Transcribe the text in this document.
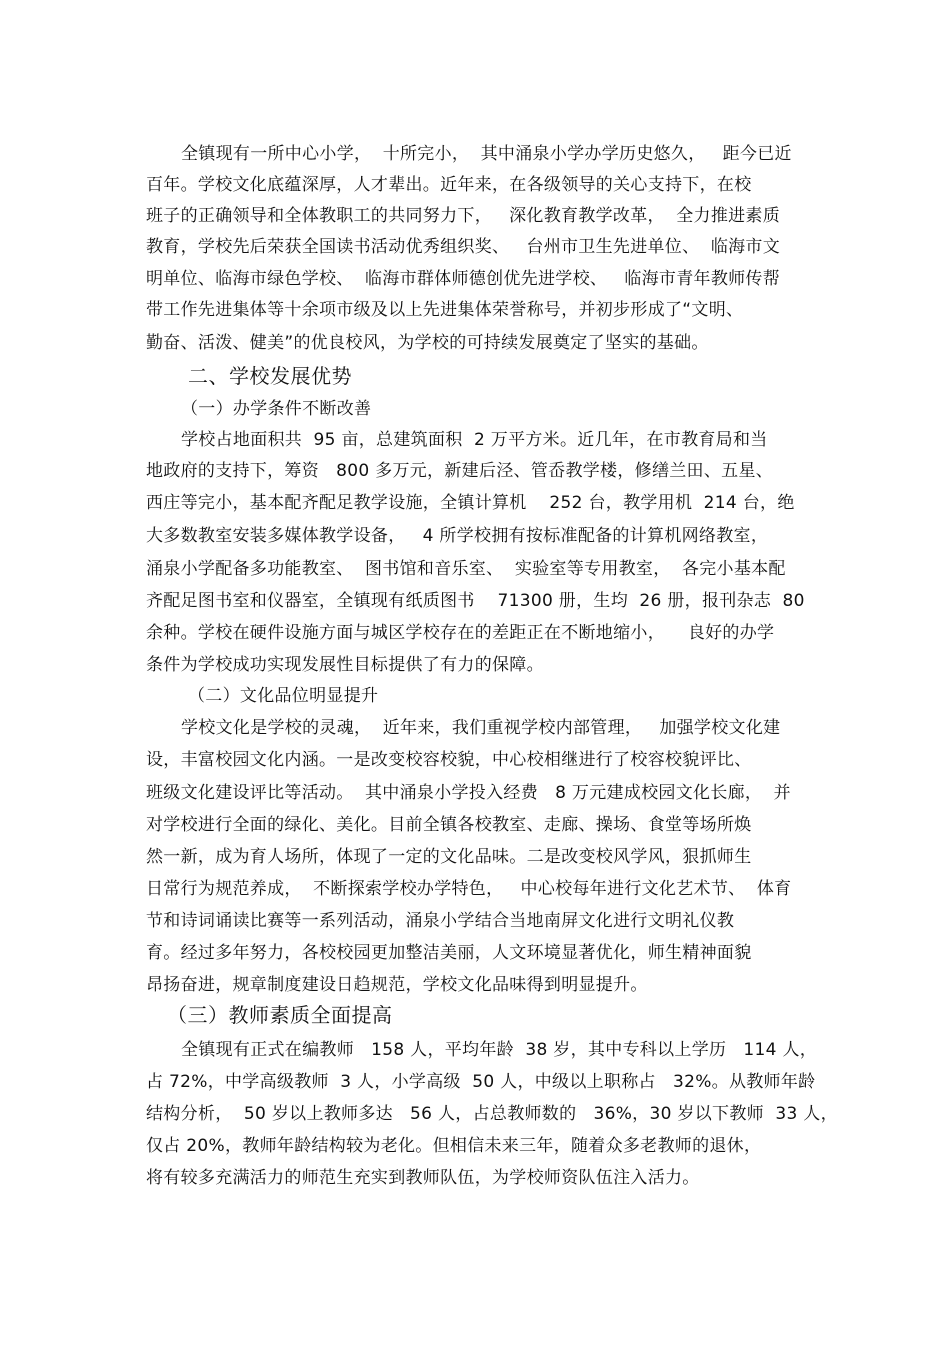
全镇现有一所中心小学，  十所完小，  其中涌泉小学办学历史悠久，   距今已近
百年。学校文化底蕴深厚，人才辈出。近年来，在各级领导的关心支持下，在校
班子的正确领导和全体教职工的共同努力下，   深化教育教学改革，  全力推进素质
教育，学校先后荣获全国读书活动优秀组织奖、   台州市卫生先进单位、  临海市文
明单位、临海市绿色学校、  临海市群体师德创优先进学校、   临海市青年教师传帮
带工作先进集体等十余项市级及以上先进集体荣誉称号，并初步形成了“文明、
勤奋、活泼、健美”的优良校风，为学校的可持续发展奠定了坚实的基础。
二、学校发展优势
（一）办学条件不断改善
学校占地面积共  95 亩，总建筑面积  2 万平方米。近几年，在市教育局和当
地政府的支持下，筹资   800 多万元，新建后泾、管岙教学楼，修缮兰田、五星、
西庄等完小，基本配齐配足教学设施，全镇计算机    252 台，教学用机  214 台，绝
大多数教室安装多媒体教学设备，   4 所学校拥有按标准配备的计算机网络教室，
涌泉小学配备多功能教室、  图书馆和音乐室、  实验室等专用教室，  各完小基本配
齐配足图书室和仪器室，全镇现有纸质图书    71300 册，生均  26 册，报刊杂志  80
余种。学校在硬件设施方面与城区学校存在的差距正在不断地缩小，    良好的办学
条件为学校成功实现发展性目标提供了有力的保障。
（二）文化品位明显提升
学校文化是学校的灵魂，  近年来，我们重视学校内部管理，   加强学校文化建
设，丰富校园文化内涵。一是改变校容校貌，中心校相继进行了校容校貌评比、
班级文化建设评比等活动。  其中涌泉小学投入经费   8 万元建成校园文化长廊，  并
对学校进行全面的绿化、美化。目前全镇各校教室、走廊、操场、食堂等场所焕
然一新，成为育人场所，体现了一定的文化品味。二是改变校风学风，狠抓师生
日常行为规范养成，  不断探索学校办学特色，   中心校每年进行文化艺术节、  体育
节和诗词诵读比赛等一系列活动，涌泉小学结合当地南屏文化进行文明礼仪教
育。经过多年努力，各校校园更加整洁美丽，人文环境显著优化，师生精神面貌
昂扬奋进，规章制度建设日趋规范，学校文化品味得到明显提升。
（三）教师素质全面提高
全镇现有正式在编教师   158 人，平均年龄  38 岁，其中专科以上学历   114 人，
占 72%，中学高级教师  3 人，小学高级  50 人，中级以上职称占   32%。从教师年龄
结构分析，  50 岁以上教师多达   56 人，占总教师数的   36%，30 岁以下教师  33 人，
仅占 20%，教师年龄结构较为老化。但相信未来三年，随着众多老教师的退休，
将有较多充满活力的师范生充实到教师队伍，为学校师资队伍注入活力。
